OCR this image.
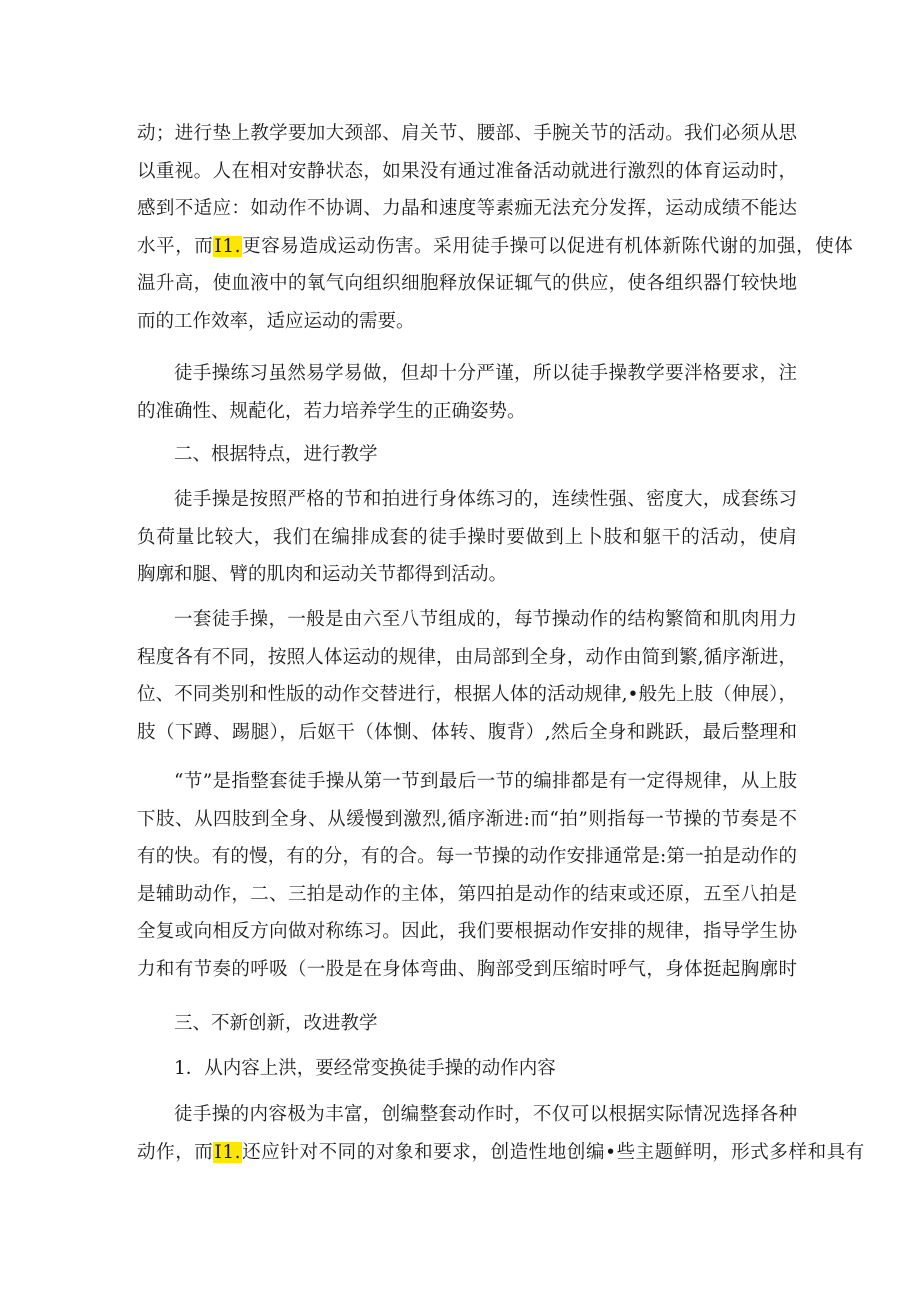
动；进行垫上教学要加大颈部、肩关节、腰部、手腕关节的活动。我们必须从思
以重视。人在相对安静状态，如果没有通过准备活动就进行激烈的体育运动时，
感到不适应：如动作不协调、力晶和速度等素痂无法充分发挥，运动成绩不能达
水平，而I1.更容易造成运动伤害。采用徒手操可以促进有机体新陈代谢的加强，使体
温升高，使血液中的氧气向组织细胞释放保证辄气的供应，使各组织器仃较快地
而的工作效率，适应运动的需要。
徒手操练习虽然易学易做，但却十分严谨，所以徒手操教学要泮格要求，注
的准确性、规蓜化，若力培养学生的正确姿势。
二、根据特点，进行教学
徒手操是按照严格的节和拍进行身体练习的，连续性强、密度大，成套练习
负荷量比较大，我们在编排成套的徒手操时要做到上卜肢和躯干的活动，使肩
胸廓和腿、臂的肌肉和运动关节都得到活动。
一套徒手操，一般是由六至八节组成的，每节操动作的结构繁简和肌肉用力
程度各有不同，按照人体运动的规律，由局部到全身，动作由简到繁,循序渐进，
位、不同类别和性版的动作交替进行，根据人体的活动规律,•般先上肢（伸展），
肢（下蹲、踢腿），后妪干（体惻、体转、腹背）,然后全身和跳跃，最后整理和
“节”是指整套徒手操从第一节到最后一节的编排都是有一定得规律，从上肢
下肢、从四肢到全身、从缓慢到激烈,循序渐进:而“拍”则指每一节操的节奏是不
有的快。有的慢，有的分，有的合。每一节操的动作安排通常是:第一拍是动作的
是辅助动作，二、三拍是动作的主体，第四拍是动作的结束或还原，五至八拍是
全复或向相反方向做对称练习。因此，我们要根据动作安排的规律，指导学生协
力和有节奏的呼吸（一股是在身体弯曲、胸部受到压缩时呼气，身体挺起胸廓时
三、不新创新，改进教学
1．从内容上洪，要经常变换徒手操的动作内容
徒手操的内容极为丰富，创编整套动作时，不仅可以根据实际情况选择各种
动作，而I1.还应针对不同的对象和要求，创造性地创编•些主题鲜明，形式多样和具有
